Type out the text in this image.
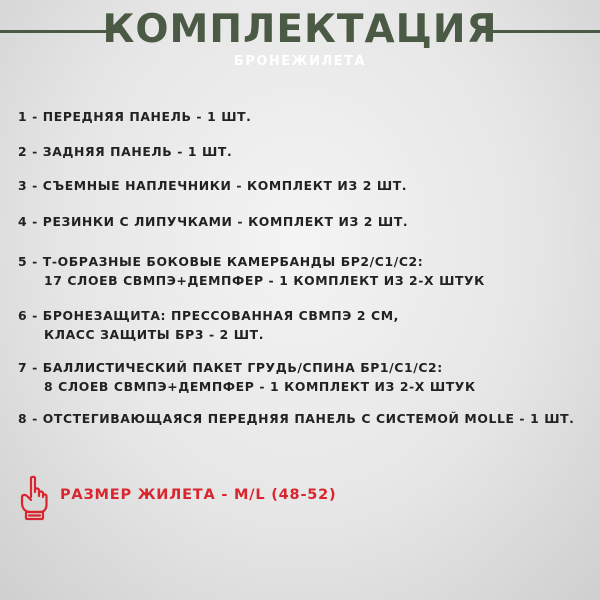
КОМПЛЕКТАЦИЯ
БРОНЕЖИЛЕТА
1 - ПЕРЕДНЯЯ ПАНЕЛЬ - 1 ШТ.
2 - ЗАДНЯЯ ПАНЕЛЬ - 1 ШТ.
3 - СЪЕМНЫЕ НАПЛЕЧНИКИ - КОМПЛЕКТ ИЗ 2 ШТ.
4 - РЕЗИНКИ С ЛИПУЧКАМИ - КОМПЛЕКТ ИЗ 2 ШТ.
5 - Т-ОБРАЗНЫЕ БОКОВЫЕ КАМЕРБАНДЫ БР2/С1/С2:
17 СЛОЕВ СВМПЭ+ДЕМПФЕР - 1 КОМПЛЕКТ ИЗ 2-Х ШТУК
6 - БРОНЕЗАЩИТА: ПРЕССОВАННАЯ СВМПЭ 2 СМ,
КЛАСС ЗАЩИТЫ БР3 - 2 ШТ.
7 - БАЛЛИСТИЧЕСКИЙ ПАКЕТ ГРУДЬ/СПИНА БР1/С1/С2:
8 СЛОЕВ СВМПЭ+ДЕМПФЕР - 1 КОМПЛЕКТ ИЗ 2-Х ШТУК
8 - ОТСТЕГИВАЮЩАЯСЯ ПЕРЕДНЯЯ ПАНЕЛЬ С СИСТЕМОЙ MOLLE - 1 ШТ.
РАЗМЕР ЖИЛЕТА - M/L (48-52)
